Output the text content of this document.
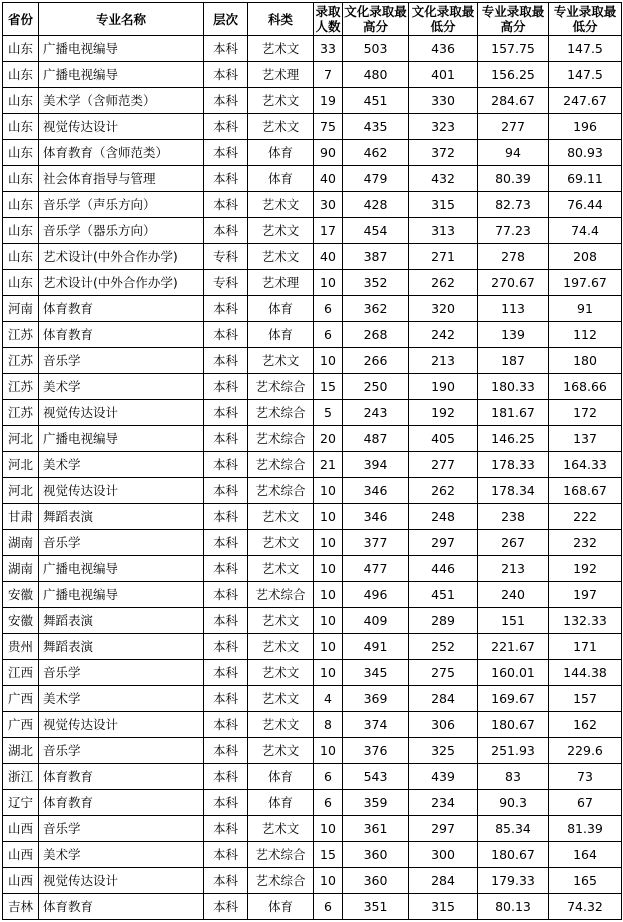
省份	专业名称	层次	科类	录取人数	文化录取最高分	文化录取最低分	专业录取最高分	专业录取最低分
山东	广播电视编导	本科	艺术文	33	503	436	157.75	147.5
山东	广播电视编导	本科	艺术理	7	480	401	156.25	147.5
山东	美术学（含师范类）	本科	艺术文	19	451	330	284.67	247.67
山东	视觉传达设计	本科	艺术文	75	435	323	277	196
山东	体育教育（含师范类）	本科	体育	90	462	372	94	80.93
山东	社会体育指导与管理	本科	体育	40	479	432	80.39	69.11
山东	音乐学（声乐方向）	本科	艺术文	30	428	315	82.73	76.44
山东	音乐学（器乐方向）	本科	艺术文	17	454	313	77.23	74.4
山东	艺术设计(中外合作办学)	专科	艺术文	40	387	271	278	208
山东	艺术设计(中外合作办学)	专科	艺术理	10	352	262	270.67	197.67
河南	体育教育	本科	体育	6	362	320	113	91
江苏	体育教育	本科	体育	6	268	242	139	112
江苏	音乐学	本科	艺术文	10	266	213	187	180
江苏	美术学	本科	艺术综合	15	250	190	180.33	168.66
江苏	视觉传达设计	本科	艺术综合	5	243	192	181.67	172
河北	广播电视编导	本科	艺术综合	20	487	405	146.25	137
河北	美术学	本科	艺术综合	21	394	277	178.33	164.33
河北	视觉传达设计	本科	艺术综合	10	346	262	178.34	168.67
甘肃	舞蹈表演	本科	艺术文	10	346	248	238	222
湖南	音乐学	本科	艺术文	10	377	297	267	232
湖南	广播电视编导	本科	艺术文	10	477	446	213	192
安徽	广播电视编导	本科	艺术综合	10	496	451	240	197
安徽	舞蹈表演	本科	艺术文	10	409	289	151	132.33
贵州	舞蹈表演	本科	艺术文	10	491	252	221.67	171
江西	音乐学	本科	艺术文	10	345	275	160.01	144.38
广西	美术学	本科	艺术文	4	369	284	169.67	157
广西	视觉传达设计	本科	艺术文	8	374	306	180.67	162
湖北	音乐学	本科	艺术文	10	376	325	251.93	229.6
浙江	体育教育	本科	体育	6	543	439	83	73
辽宁	体育教育	本科	体育	6	359	234	90.3	67
山西	音乐学	本科	艺术文	10	361	297	85.34	81.39
山西	美术学	本科	艺术综合	15	360	300	180.67	164
山西	视觉传达设计	本科	艺术综合	10	360	284	179.33	165
吉林	体育教育	本科	体育	6	351	315	80.13	74.32
